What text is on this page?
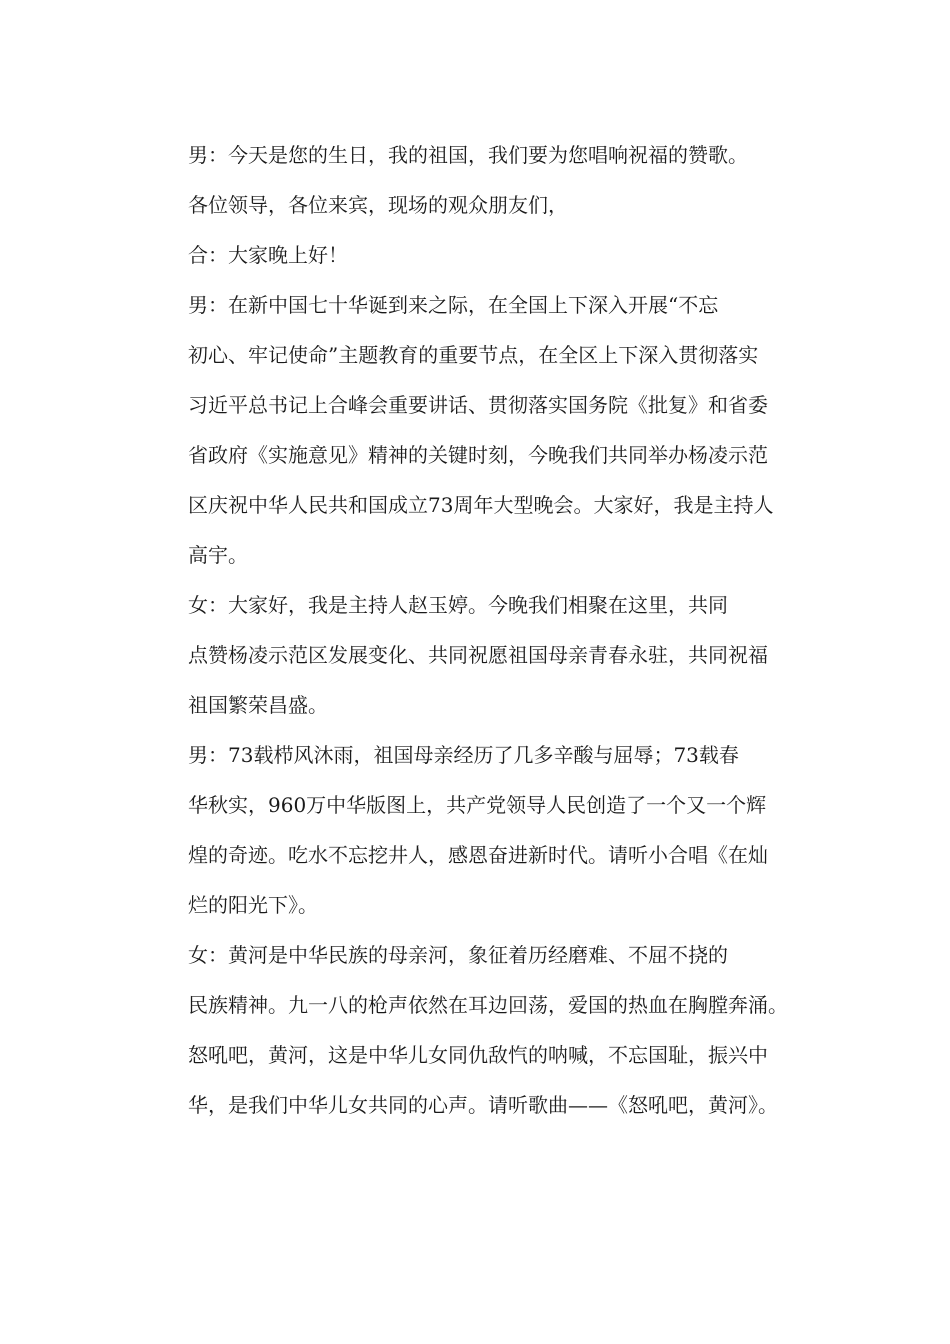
男：今天是您的生日，我的祖国，我们要为您唱响祝福的赞歌。
各位领导，各位来宾，现场的观众朋友们，

合：大家晚上好！

男：在新中国七十华诞到来之际，在全国上下深入开展“不忘
初心、牢记使命”主题教育的重要节点，在全区上下深入贯彻落实
习近平总书记上合峰会重要讲话、贯彻落实国务院《批复》和省委
省政府《实施意见》精神的关键时刻，今晚我们共同举办杨凌示范
区庆祝中华人民共和国成立73周年大型晚会。大家好，我是主持人
高宇。

女：大家好，我是主持人赵玉婷。今晚我们相聚在这里，共同
点赞杨凌示范区发展变化、共同祝愿祖国母亲青春永驻，共同祝福
祖国繁荣昌盛。

男：73载栉风沐雨，祖国母亲经历了几多辛酸与屈辱；73载春
华秋实，960万中华版图上，共产党领导人民创造了一个又一个辉
煌的奇迹。吃水不忘挖井人，感恩奋进新时代。请听小合唱《在灿
烂的阳光下》。

女：黄河是中华民族的母亲河，象征着历经磨难、不屈不挠的
民族精神。九一八的枪声依然在耳边回荡，爱国的热血在胸膛奔涌。
怒吼吧，黄河，这是中华儿女同仇敌忾的呐喊，不忘国耻，振兴中
华，是我们中华儿女共同的心声。请听歌曲——《怒吼吧，黄河》。
